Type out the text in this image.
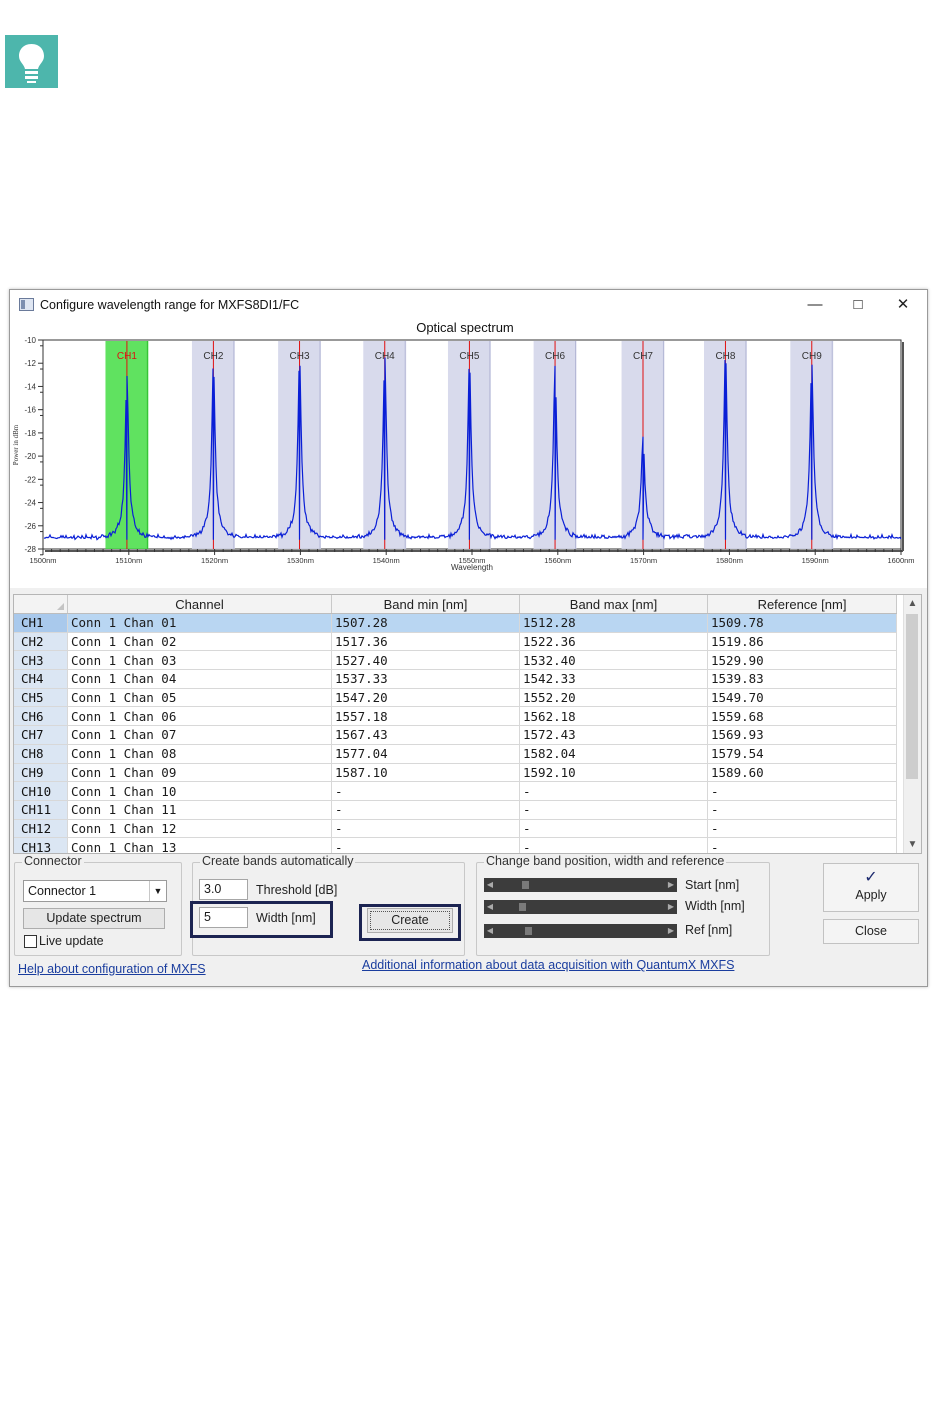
Configure wavelength range for MXFS8DI1/FC	—	□	✕
Optical spectrum
CH1	CH2	CH3	CH4	CH5	CH6	CH7	CH8	CH9
1500nm	1510nm	1520nm	1530nm	1540nm	1550nm	1560nm	1570nm	1580nm	1590nm	1600nm
-10
-12
-14
-16
-18
-20
-22
-24
-26
-28
Wavelength
Power in dBm
	Channel	Band min [nm]	Band max [nm]	Reference [nm]
CH1	Conn 1 Chan 01	1507.28	1512.28	1509.78
CH2	Conn 1 Chan 02	1517.36	1522.36	1519.86
CH3	Conn 1 Chan 03	1527.40	1532.40	1529.90
CH4	Conn 1 Chan 04	1537.33	1542.33	1539.83
CH5	Conn 1 Chan 05	1547.20	1552.20	1549.70
CH6	Conn 1 Chan 06	1557.18	1562.18	1559.68
CH7	Conn 1 Chan 07	1567.43	1572.43	1569.93
CH8	Conn 1 Chan 08	1577.04	1582.04	1579.54
CH9	Conn 1 Chan 09	1587.10	1592.10	1589.60
CH10	Conn 1 Chan 10	-	-	-
CH11	Conn 1 Chan 11	-	-	-
CH12	Conn 1 Chan 12	-	-	-
CH13	Conn 1 Chan 13	-	-	-
▲
▼
Connector
Connector 1	▼
Update spectrum
Live update
Create bands automatically
3.0	Threshold [dB]
5	Width [nm]	Create
Change band position, width and reference
◀	▶ Start [nm]
◀	▶ Width [nm]
◀	▶ Ref [nm]
✓
Apply
Close
Help about configuration of MXFS	Additional information about data acquisition with QuantumX MXFS
